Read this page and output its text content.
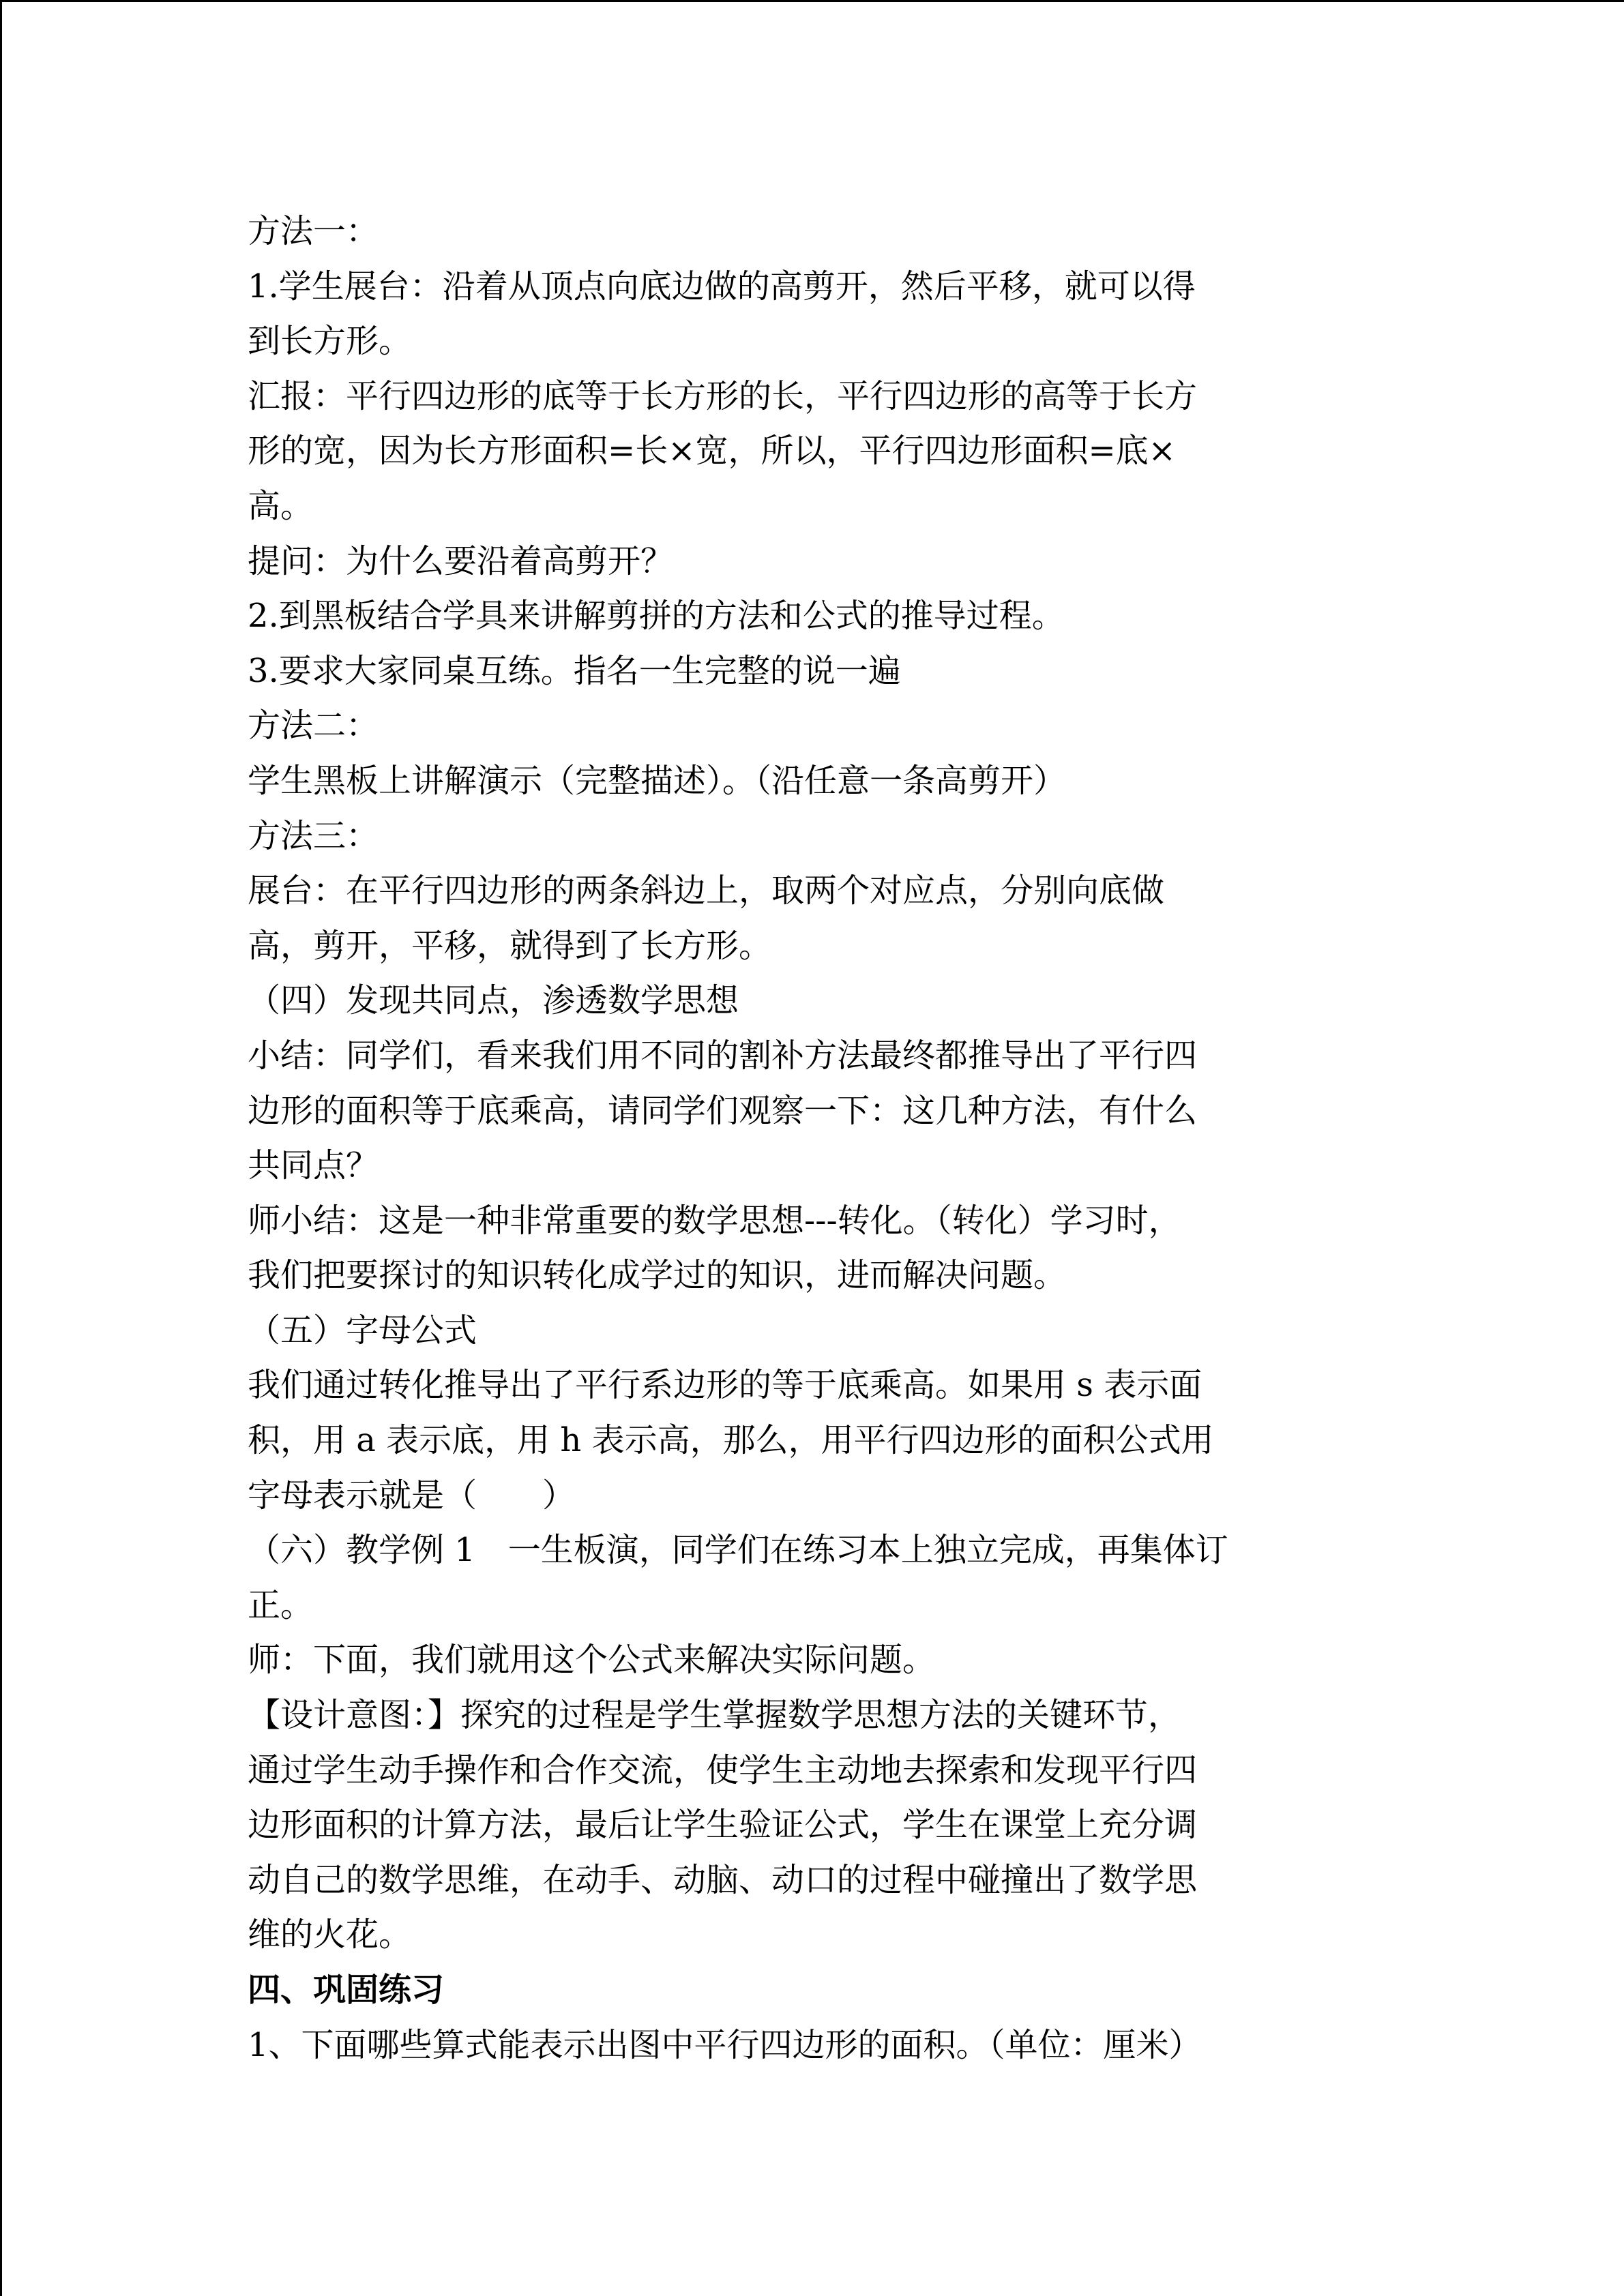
方法一：
1.学生展台：沿着从顶点向底边做的高剪开，然后平移，就可以得
到长方形。
汇报：平行四边形的底等于长方形的长，平行四边形的高等于长方
形的宽，因为长方形面积=长×宽，所以，平行四边形面积=底×
高。
提问：为什么要沿着高剪开？
2.到黑板结合学具来讲解剪拼的方法和公式的推导过程。
3.要求大家同桌互练。指名一生完整的说一遍
方法二：
学生黑板上讲解演示（完整描述）。（沿任意一条高剪开）
方法三：
展台：在平行四边形的两条斜边上，取两个对应点，分别向底做
高，剪开，平移，就得到了长方形。
（四）发现共同点，渗透数学思想
小结：同学们，看来我们用不同的割补方法最终都推导出了平行四
边形的面积等于底乘高，请同学们观察一下：这几种方法，有什么
共同点？
师小结：这是一种非常重要的数学思想---转化。（转化）学习时，
我们把要探讨的知识转化成学过的知识，进而解决问题。
（五）字母公式
我们通过转化推导出了平行系边形的等于底乘高。如果用 s 表示面
积，用 a 表示底，用 h 表示高，那么，用平行四边形的面积公式用
字母表示就是（　　）
（六）教学例 1　一生板演，同学们在练习本上独立完成，再集体订
正。
师：下面，我们就用这个公式来解决实际问题。
【设计意图：】探究的过程是学生掌握数学思想方法的关键环节，
通过学生动手操作和合作交流，使学生主动地去探索和发现平行四
边形面积的计算方法，最后让学生验证公式，学生在课堂上充分调
动自己的数学思维，在动手、动脑、动口的过程中碰撞出了数学思
维的火花。
四、巩固练习
1、下面哪些算式能表示出图中平行四边形的面积。（单位：厘米）
